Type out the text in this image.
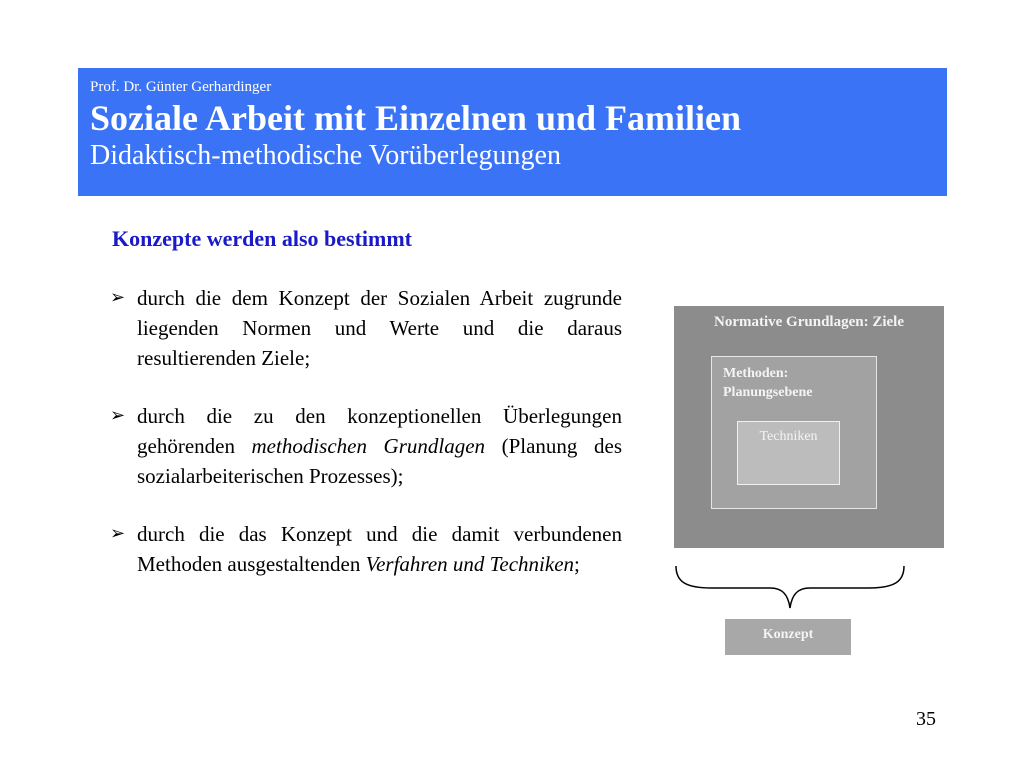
Prof. Dr. Günter Gerhardinger
Soziale Arbeit mit Einzelnen und Familien
Didaktisch-methodische Vorüberlegungen
Konzepte werden also bestimmt
➢ durch die dem Konzept der Sozialen Arbeit zugrunde liegenden Normen und Werte und die daraus resultierenden Ziele;
➢ durch die zu den konzeptionellen Überlegungen gehörenden methodischen Grundlagen (Planung des sozialarbeiterischen Prozesses);
➢ durch die das Konzept und die damit verbundenen Methoden ausgestaltenden Verfahren und Techniken;
Normative Grundlagen: Ziele
Methoden:
Planungsebene
Techniken
Konzept
35
